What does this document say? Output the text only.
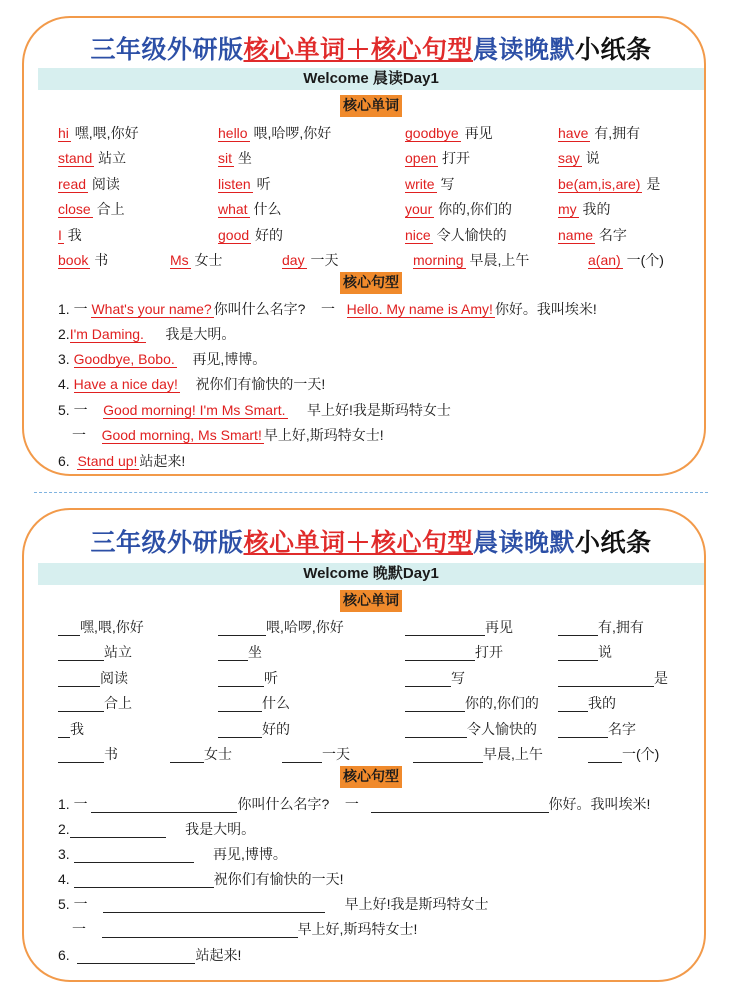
三年级外研版核心单词＋核心句型晨读晚默小纸条
Welcome 晨读Day1
核心单词
hi 嘿,喂,你好	hello 喂,哈啰,你好	goodbye 再见	have 有,拥有
stand 站立	sit 坐	open 打开	say 说
read 阅读	listen 听	write 写	be(am,is,are) 是
close 合上	what 什么	your 你的,你们的	my 我的
I 我	good 好的	nice 令人愉快的	name 名字
book 书	Ms 女士	day 一天	morning 早晨,上午	a(an) 一(个)
核心句型
1. 一 What's your name? 你叫什么名字? 一 Hello. My name is Amy! 你好。我叫埃米!
2.I'm Daming. 我是大明。
3. Goodbye, Bobo. 再见,博博。
4. Have a nice day! 祝你们有愉快的一天!
5. 一 Good morning! I'm Ms Smart. 早上好!我是斯玛特女士
一 Good morning, Ms Smart! 早上好,斯玛特女士!
6. Stand up! 站起来!
三年级外研版核心单词＋核心句型晨读晚默小纸条
Welcome 晚默Day1
核心单词
嘿,喂,你好	喂,哈啰,你好	再见	有,拥有
站立	坐	打开	说
阅读	听	写	是
合上	什么	你的,你们的	我的
我	好的	令人愉快的	名字
书	女士	一天	早晨,上午	一(个)
核心句型
1. 一	你叫什么名字? 一	你好。我叫埃米!
2.	我是大明。
3.	再见,博博。
4.	祝你们有愉快的一天!
5. 一	早上好!我是斯玛特女士
一	早上好,斯玛特女士!
6.	站起来!
